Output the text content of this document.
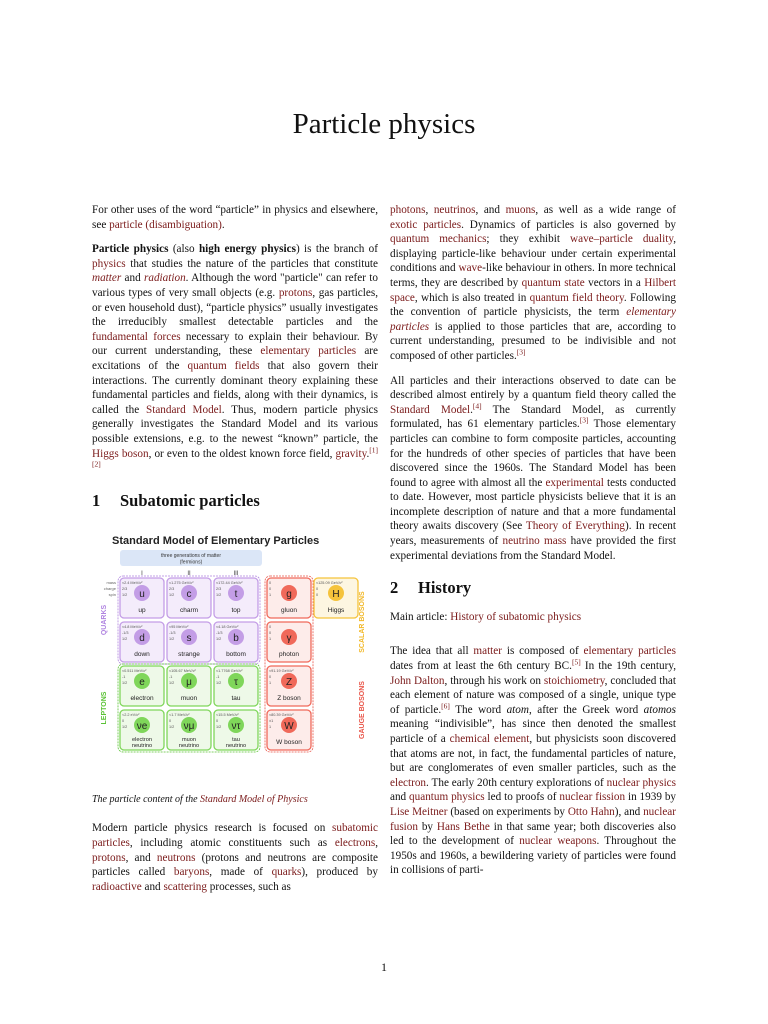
Particle physics

For other uses of the word “particle” in physics and elsewhere, see particle (disambiguation).

Particle physics (also high energy physics) is the branch of physics that studies the nature of the particles that constitute matter and radiation. Although the word "particle" can refer to various types of very small objects (e.g. protons, gas particles, or even household dust), “particle physics” usually investigates the irreducibly smallest detectable particles and the fundamental forces necessary to explain their behaviour. By our current understanding, these elementary particles are excitations of the quantum fields that also govern their interactions. The currently dominant theory explaining these fundamental particles and fields, along with their dynamics, is called the Standard Model. Thus, modern particle physics generally investigates the Standard Model and its various possible extensions, e.g. to the newest “known” particle, the Higgs boson, or even to the oldest known force field, gravity.[1][2]

1 Subatomic particles
Standard Model of Elementary Particles
three generations of matter
(fermions)
I	II	III
mass
charge
spin
≈2.4 MeV/c²
2/3
1/2 u
up
≈1.275 GeV/c²
2/3
1/2 c
charm
≈172.44 GeV/c²
2/3
1/2 t
top
0
0
1 g
gluon
≈125.09 GeV/c²
0
0 H
Higgs
≈4.8 MeV/c²
-1/3
1/2 d
down
≈95 MeV/c²
-1/3
1/2 s
strange
≈4.18 GeV/c²
-1/3
1/2 b
bottom
0
0
1 γ
photon
≈0.511 MeV/c²
-1
1/2 e
electron
≈105.67 MeV/c²
-1
1/2 μ
muon
≈1.7768 GeV/c²
-1
1/2 τ
tau
≈91.19 GeV/c²
0
1 Z
Z boson
<2.2 eV/c²
0
1/2 νe
electron
neutrino
<1.7 MeV/c²
0
1/2 νμ
muon
neutrino
<15.5 MeV/c²
0
1/2 ντ
tau
neutrino
≈80.39 GeV/c²
±1
1 W
W boson
QUARKS
LEPTONS	GAUGE BOSONS
SCALAR BOSONS

The particle content of the Standard Model of Physics

Modern particle physics research is focused on subatomic particles, including atomic constituents such as electrons, protons, and neutrons (protons and neutrons are composite particles called baryons, made of quarks), produced by radioactive and scattering processes, such as

photons, neutrinos, and muons, as well as a wide range of exotic particles. Dynamics of particles is also governed by quantum mechanics; they exhibit wave–particle duality, displaying particle-like behaviour under certain experimental conditions and wave-like behaviour in others. In more technical terms, they are described by quantum state vectors in a Hilbert space, which is also treated in quantum field theory. Following the convention of particle physicists, the term elementary particles is applied to those particles that are, according to current understanding, presumed to be indivisible and not composed of other particles.[3]

All particles and their interactions observed to date can be described almost entirely by a quantum field theory called the Standard Model.[4] The Standard Model, as currently formulated, has 61 elementary particles.[3] Those elementary particles can combine to form composite particles, accounting for the hundreds of other species of particles that have been discovered since the 1960s. The Standard Model has been found to agree with almost all the experimental tests conducted to date. However, most particle physicists believe that it is an incomplete description of nature and that a more fundamental theory awaits discovery (See Theory of Everything). In recent years, measurements of neutrino mass have provided the first experimental deviations from the Standard Model.

2 History

Main article: History of subatomic physics

The idea that all matter is composed of elementary particles dates from at least the 6th century BC.[5] In the 19th century, John Dalton, through his work on stoichiometry, concluded that each element of nature was composed of a single, unique type of particle.[6] The word atom, after the Greek word atomos meaning “indivisible”, has since then denoted the smallest particle of a chemical element, but physicists soon discovered that atoms are not, in fact, the fundamental particles of nature, but are conglomerates of even smaller particles, such as the electron. The early 20th century explorations of nuclear physics and quantum physics led to proofs of nuclear fission in 1939 by Lise Meitner (based on experiments by Otto Hahn), and nuclear fusion by Hans Bethe in that same year; both discoveries also led to the development of nuclear weapons. Throughout the 1950s and 1960s, a bewildering variety of particles were found in collisions of parti-

1
